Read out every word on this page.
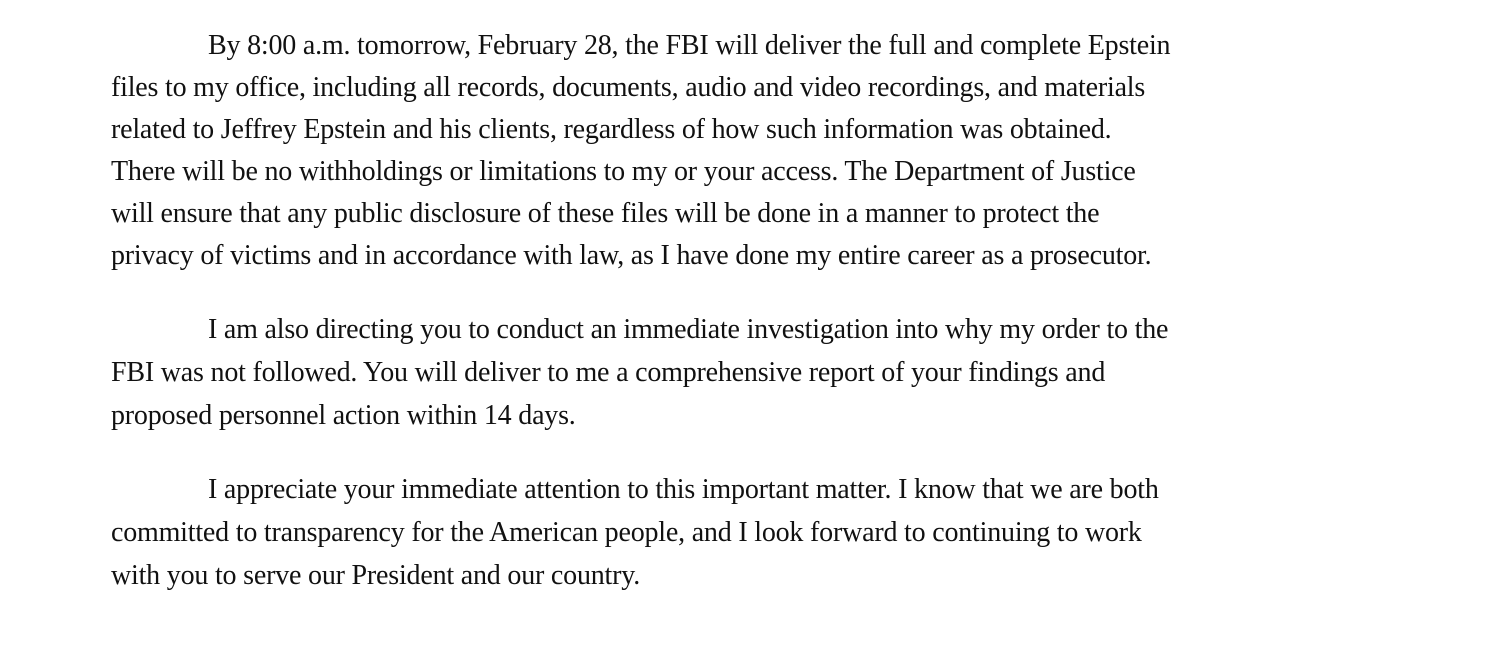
By 8:00 a.m. tomorrow, February 28, the FBI will deliver the full and complete Epstein
files to my office, including all records, documents, audio and video recordings, and materials
related to Jeffrey Epstein and his clients, regardless of how such information was obtained.
There will be no withholdings or limitations to my or your access. The Department of Justice
will ensure that any public disclosure of these files will be done in a manner to protect the
privacy of victims and in accordance with law, as I have done my entire career as a prosecutor.
I am also directing you to conduct an immediate investigation into why my order to the
FBI was not followed. You will deliver to me a comprehensive report of your findings and
proposed personnel action within 14 days.
I appreciate your immediate attention to this important matter. I know that we are both
committed to transparency for the American people, and I look forward to continuing to work
with you to serve our President and our country.
